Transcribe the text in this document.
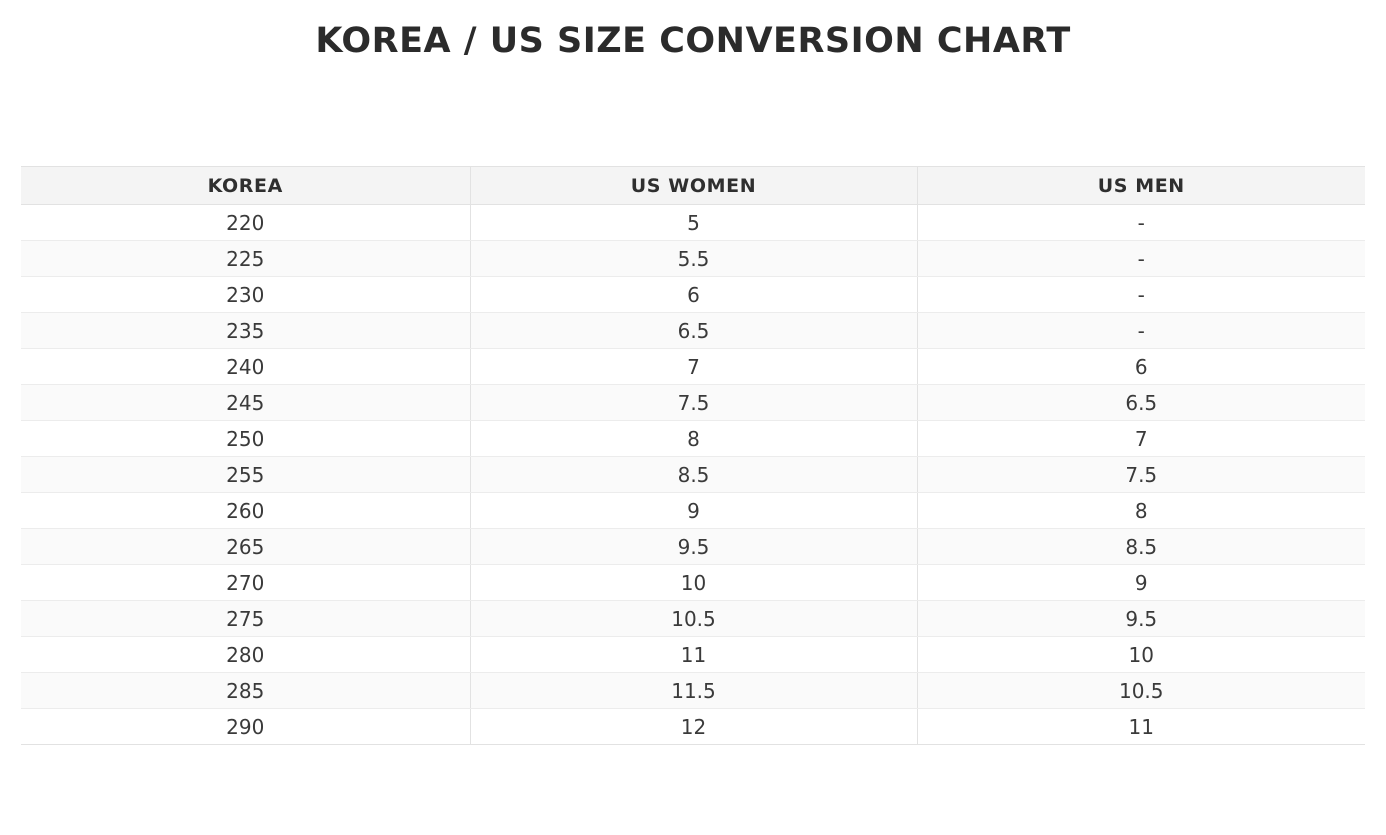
KOREA / US SIZE CONVERSION CHART
KOREA	US WOMEN	US MEN
220	5	-
225	5.5	-
230	6	-
235	6.5	-
240	7	6
245	7.5	6.5
250	8	7
255	8.5	7.5
260	9	8
265	9.5	8.5
270	10	9
275	10.5	9.5
280	11	10
285	11.5	10.5
290	12	11
